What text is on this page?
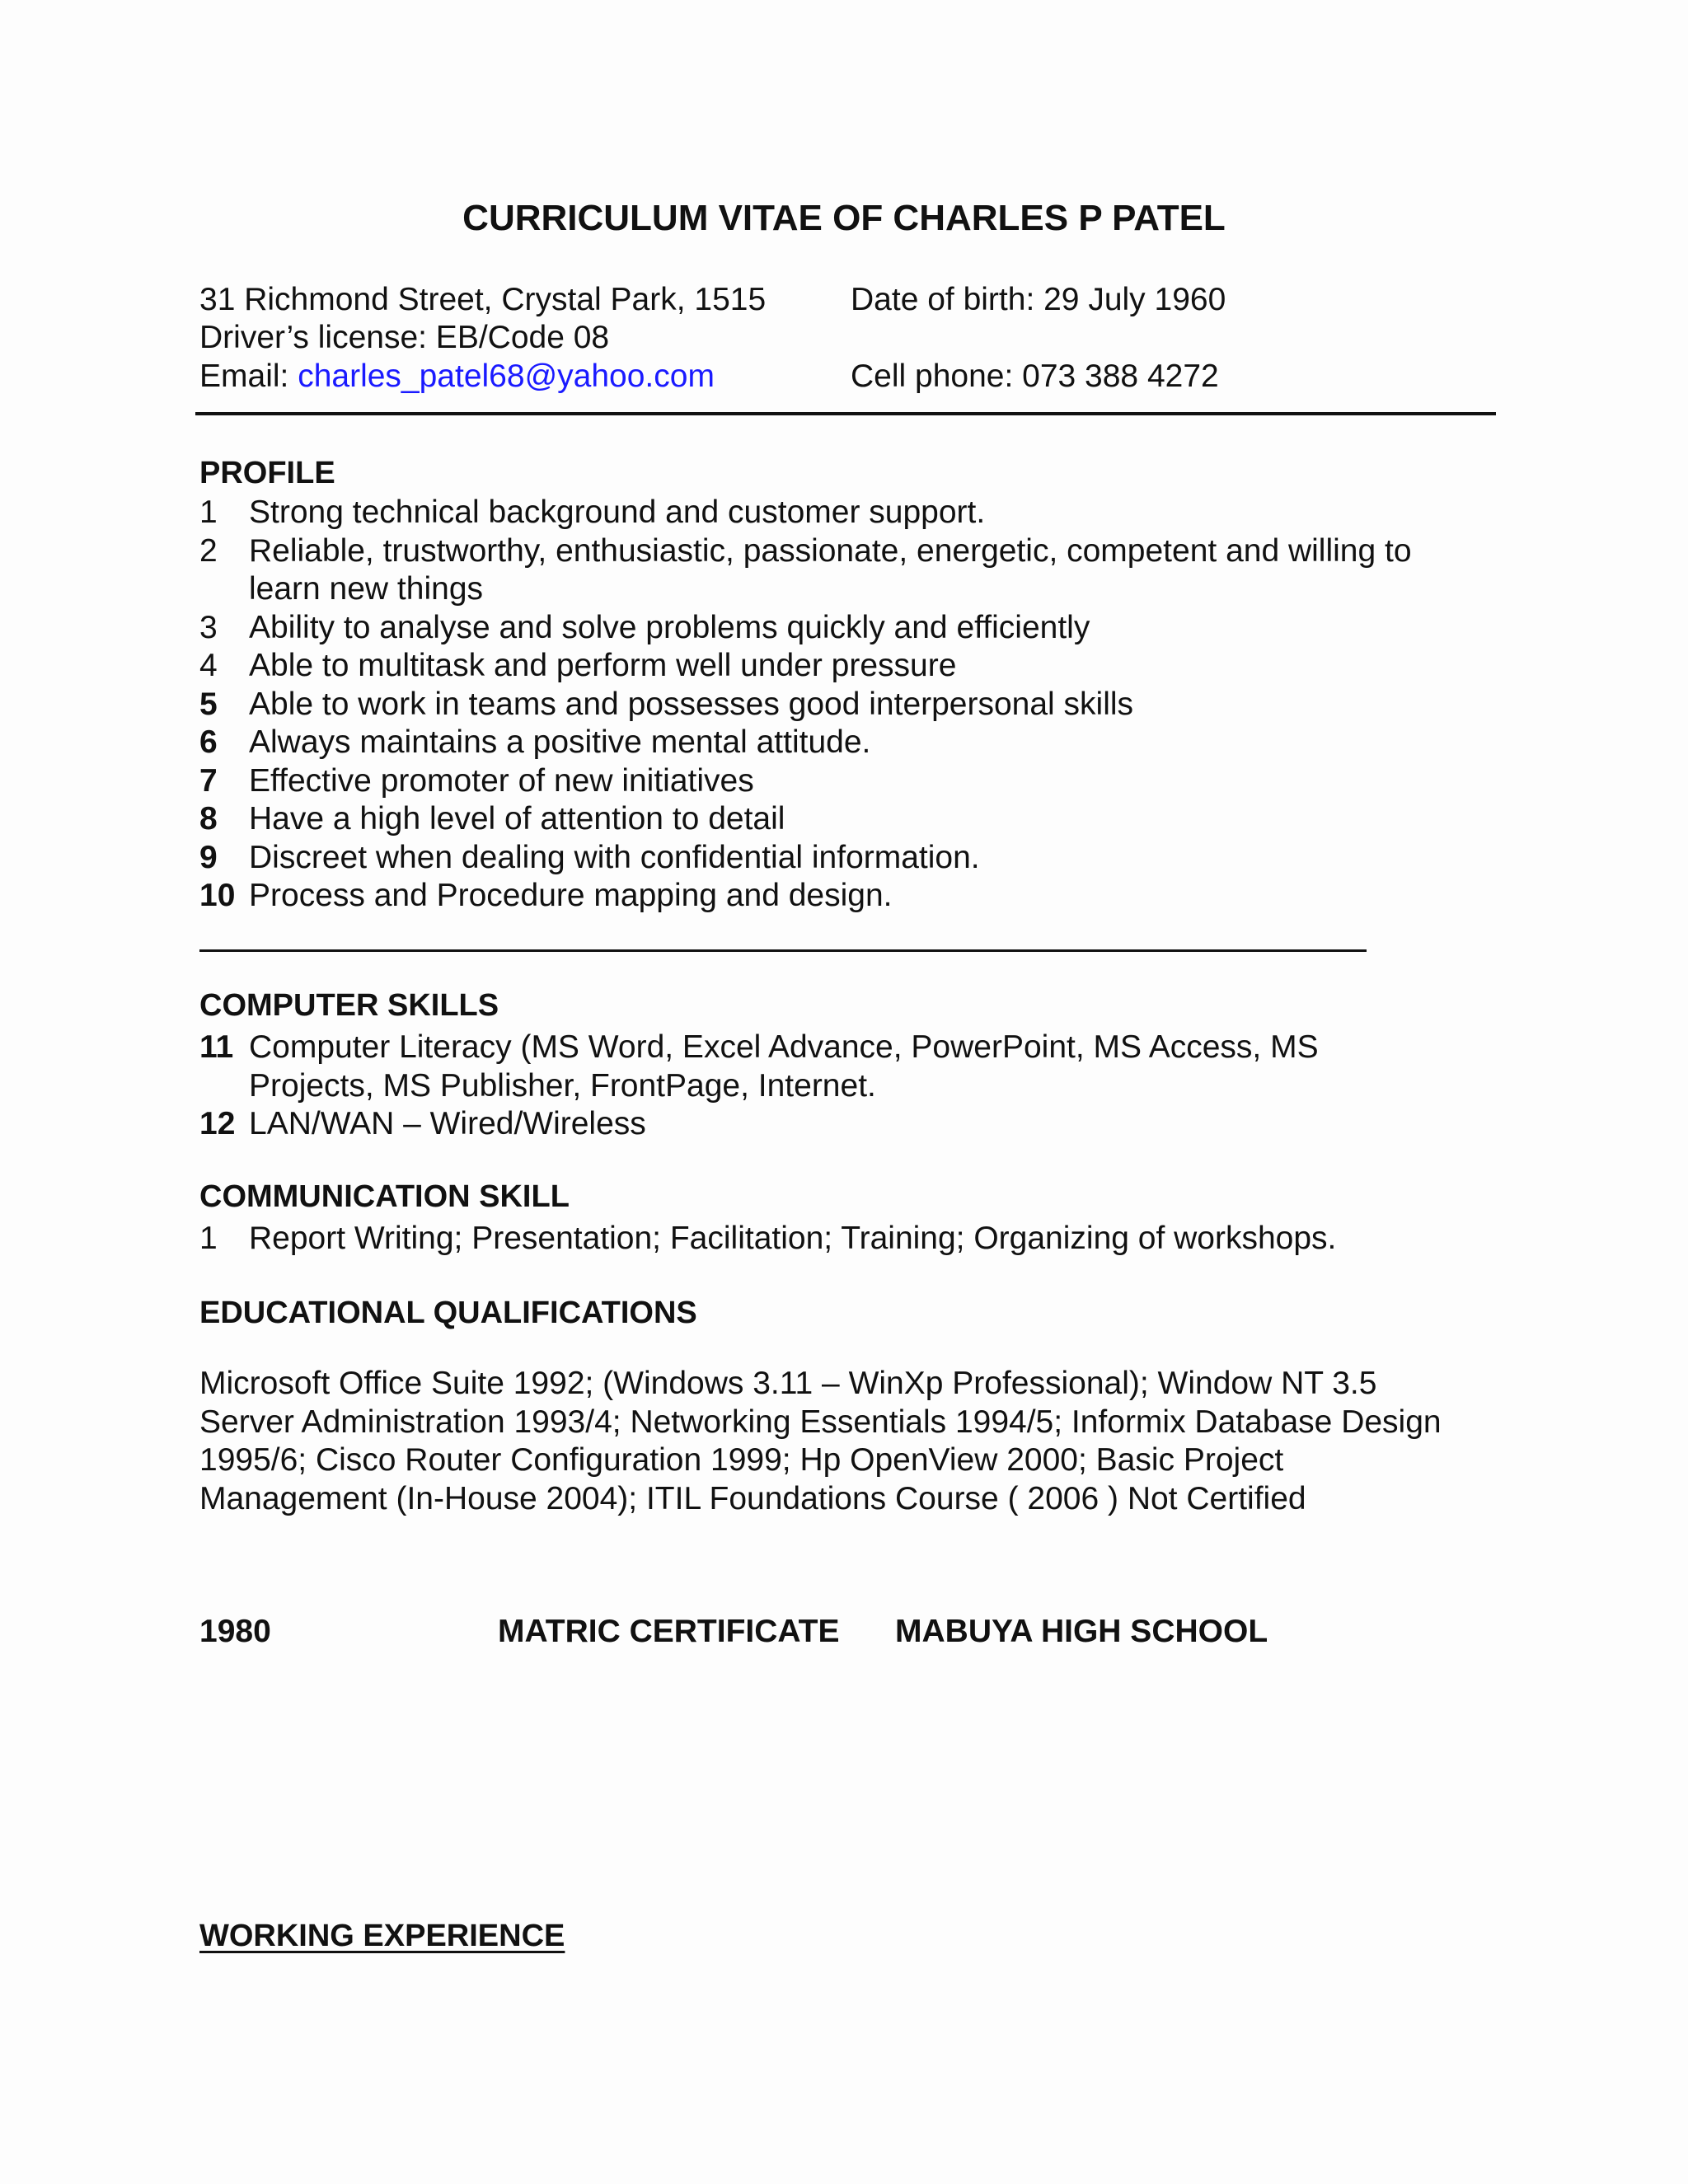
CURRICULUM VITAE OF CHARLES P PATEL
31 Richmond Street, Crystal Park, 1515	Date of birth: 29 July 1960
Driver’s license: EB/Code 08
Email: charles_patel68@yahoo.com	Cell phone: 073 388 4272
PROFILE
1 Strong technical background and customer support.
2 Reliable, trustworthy, enthusiastic, passionate, energetic, competent and willing to
learn new things
3 Ability to analyse and solve problems quickly and efficiently
4 Able to multitask and perform well under pressure
5 Able to work in teams and possesses good interpersonal skills
6 Always maintains a positive mental attitude.
7 Effective promoter of new initiatives
8 Have a high level of attention to detail
9 Discreet when dealing with confidential information.
10 Process and Procedure mapping and design.
COMPUTER SKILLS
11 Computer Literacy (MS Word, Excel Advance, PowerPoint, MS Access, MS
Projects, MS Publisher, FrontPage, Internet.
12 LAN/WAN – Wired/Wireless
COMMUNICATION SKILL
1 Report Writing; Presentation; Facilitation; Training; Organizing of workshops.
EDUCATIONAL QUALIFICATIONS
Microsoft Office Suite 1992; (Windows 3.11 – WinXp Professional); Window NT 3.5
Server Administration 1993/4; Networking Essentials 1994/5; Informix Database Design
1995/6; Cisco Router Configuration 1999; Hp OpenView 2000; Basic Project
Management (In-House 2004); ITIL Foundations Course ( 2006 ) Not Certified
1980	MATRIC CERTIFICATE MABUYA HIGH SCHOOL
WORKING EXPERIENCE
